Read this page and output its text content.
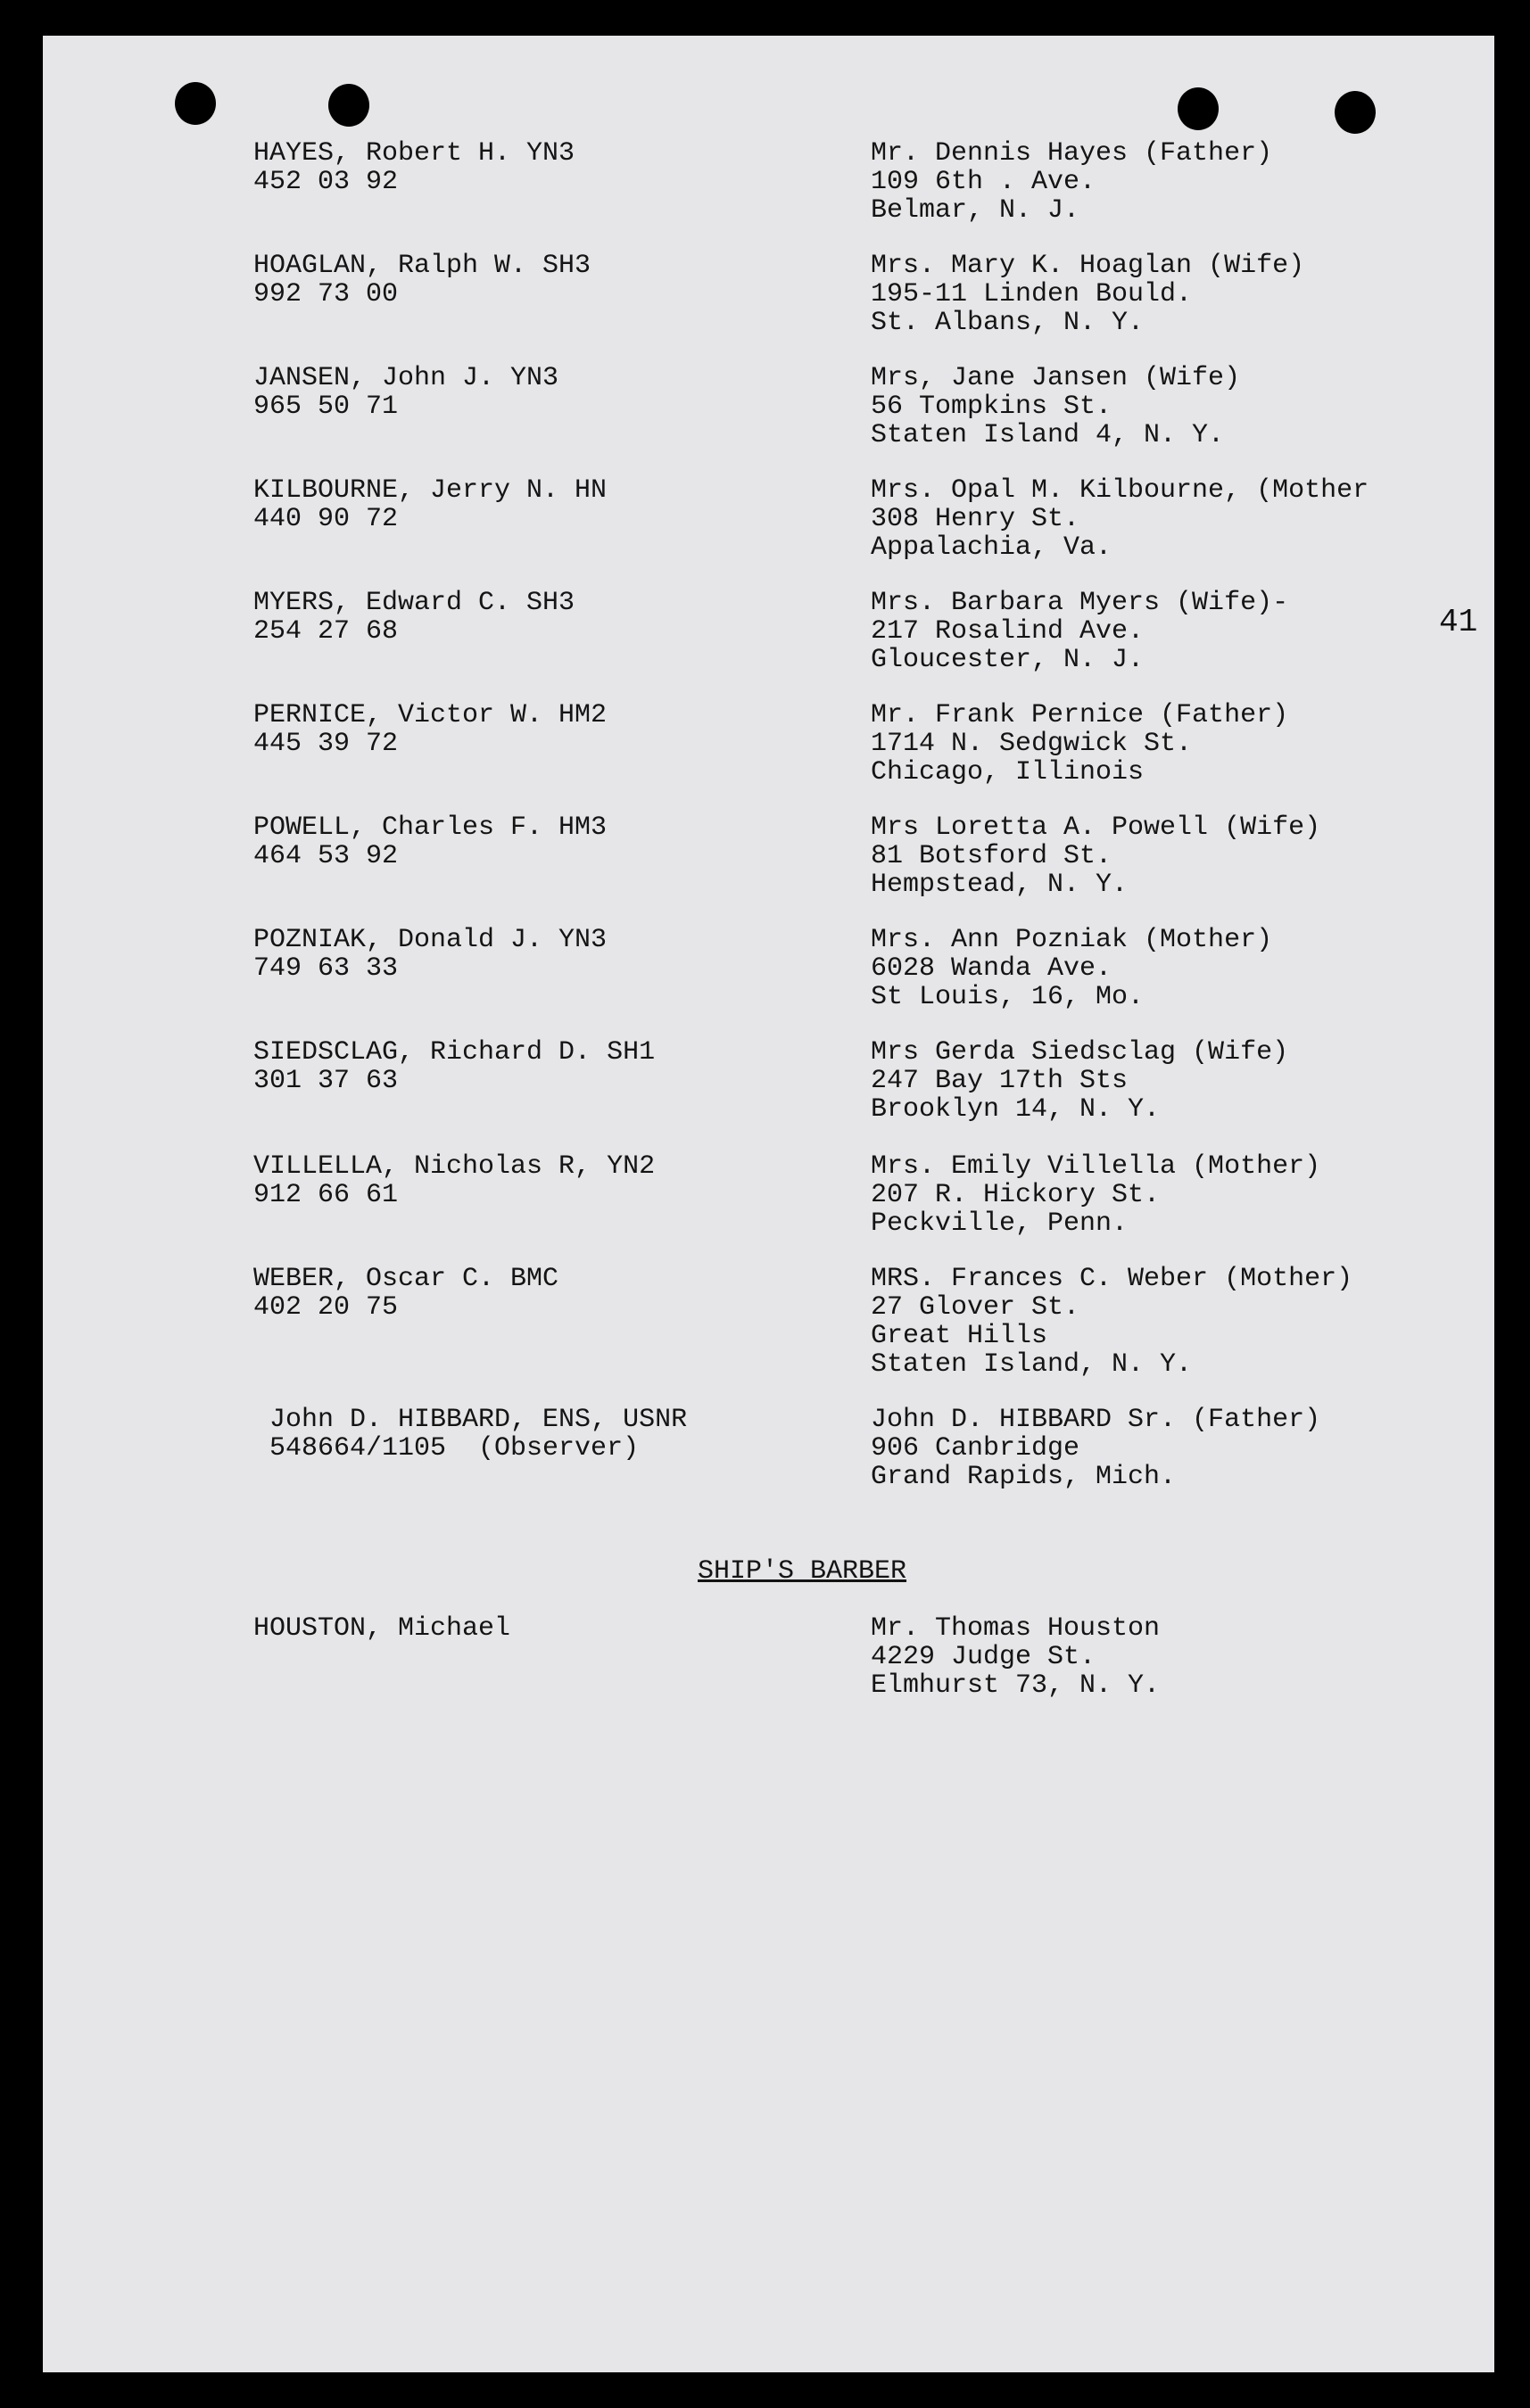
41

HAYES, Robert H. YN3

452 03 92

Mr. Dennis Hayes (Father)

109 6th . Ave.

Belmar, N. J.

HOAGLAN, Ralph W. SH3

992 73 00

Mrs. Mary K. Hoaglan (Wife)

195-11 Linden Bould.

St. Albans, N. Y.

JANSEN, John J. YN3

965 50 71

Mrs, Jane Jansen (Wife)

56 Tompkins St.

Staten Island 4, N. Y.

KILBOURNE, Jerry N. HN

440 90 72

Mrs. Opal M. Kilbourne, (Mother

308 Henry St.

Appalachia, Va.

MYERS, Edward C. SH3

254 27 68

Mrs. Barbara Myers (Wife)-

217 Rosalind Ave.

Gloucester, N. J.

PERNICE, Victor W. HM2

445 39 72

Mr. Frank Pernice (Father)

1714 N. Sedgwick St.

Chicago, Illinois

POWELL, Charles F. HM3

464 53 92

Mrs Loretta A. Powell (Wife)

81 Botsford St.

Hempstead, N. Y.

POZNIAK, Donald J. YN3

749 63 33

Mrs. Ann Pozniak (Mother)

6028 Wanda Ave.

St Louis, 16, Mo.

SIEDSCLAG, Richard D. SH1

301 37 63

Mrs Gerda Siedsclag (Wife)

247 Bay 17th Sts

Brooklyn 14, N. Y.

VILLELLA, Nicholas R, YN2

912 66 61

Mrs. Emily Villella (Mother)

207 R. Hickory St.

Peckville, Penn.

WEBER, Oscar C. BMC

402 20 75

MRS. Frances C. Weber (Mother)

27 Glover St.

Great Hills

Staten Island, N. Y.

John D. HIBBARD, ENS, USNR

548664/1105  (Observer)

John D. HIBBARD Sr. (Father)

906 Canbridge

Grand Rapids, Mich.

SHIP'S BARBER

HOUSTON, Michael	Mr. Thomas Houston

4229 Judge St.

Elmhurst 73, N. Y.
